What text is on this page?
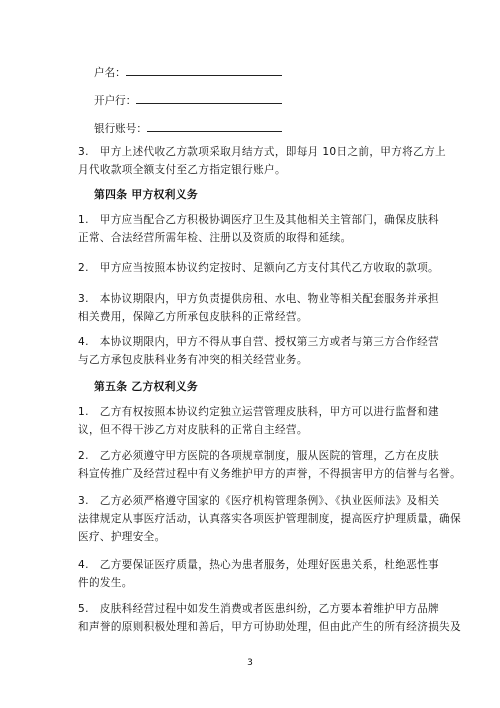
户名：
开户行：
银行账号：
3.　甲方上述代收乙方款项采取月结方式，即每月 10日之前，甲方将乙方上
月代收款项全额支付至乙方指定银行账户。
第四条 甲方权利义务
1.　甲方应当配合乙方积极协调医疗卫生及其他相关主管部门，确保皮肤科
正常、合法经营所需年检、注册以及资质的取得和延续。
2.　甲方应当按照本协议约定按时、足额向乙方支付其代乙方收取的款项。
3.　本协议期限内，甲方负责提供房租、水电、物业等相关配套服务并承担
相关费用，保障乙方所承包皮肤科的正常经营。
4.　本协议期限内，甲方不得从事自营、授权第三方或者与第三方合作经营
与乙方承包皮肤科业务有冲突的相关经营业务。
第五条 乙方权利义务
1.　乙方有权按照本协议约定独立运营管理皮肤科，甲方可以进行监督和建
议，但不得干涉乙方对皮肤科的正常自主经营。
2.　乙方必须遵守甲方医院的各项规章制度，服从医院的管理，乙方在皮肤
科宣传推广及经营过程中有义务维护甲方的声誉，不得损害甲方的信誉与名誉。
3.　乙方必须严格遵守国家的《医疗机构管理条例》、《执业医师法》及相关
法律规定从事医疗活动，认真落实各项医护管理制度，提高医疗护理质量，确保
医疗、护理安全。
4.　乙方要保证医疗质量，热心为患者服务，处理好医患关系，杜绝恶性事
件的发生。
5.　皮肤科经营过程中如发生消费或者医患纠纷，乙方要本着维护甲方品牌
和声誉的原则积极处理和善后，甲方可协助处理，但由此产生的所有经济损失及
3
